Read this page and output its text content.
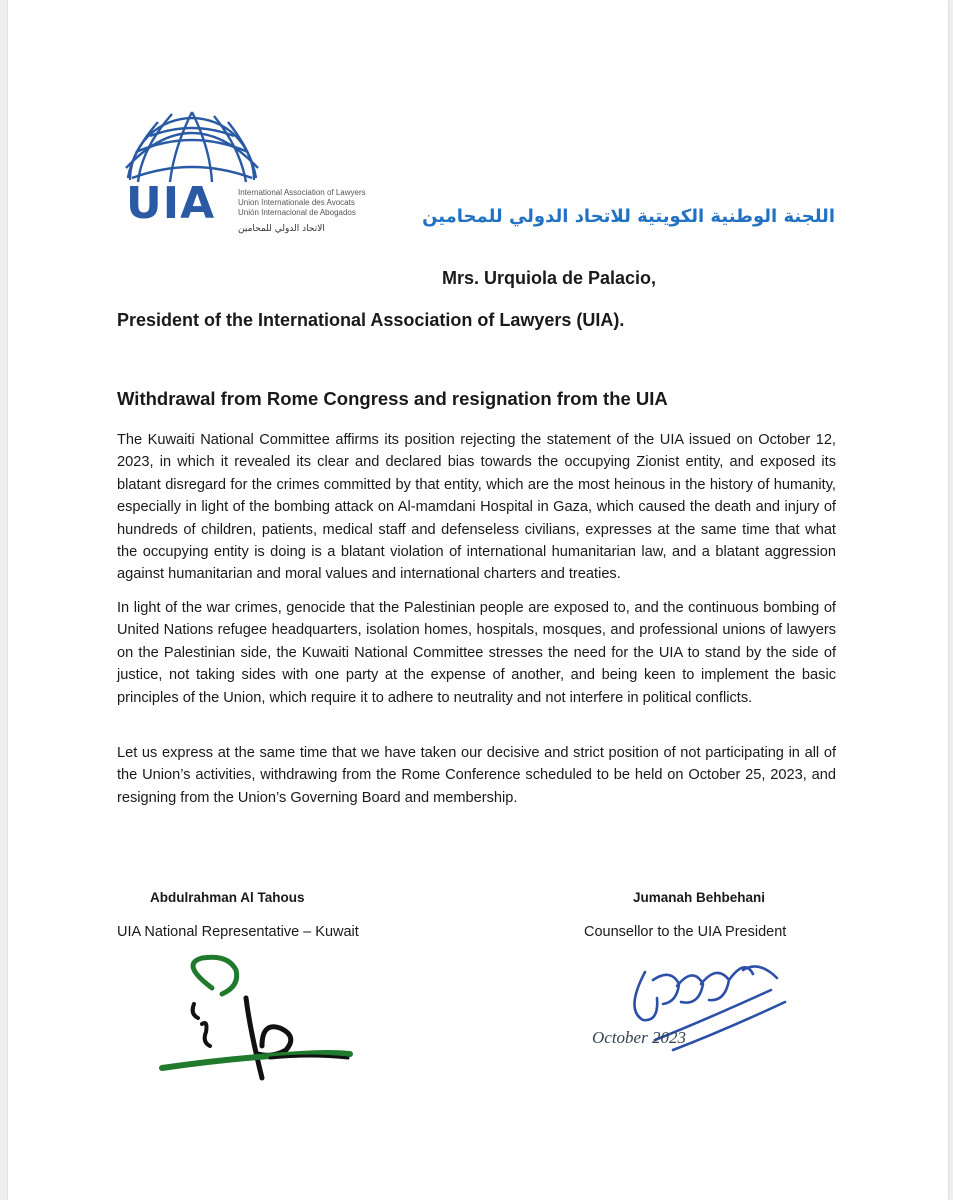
UIA	International Association of Lawyers
Union Internationale des Avocats
Unión Internacional de Abogados
الاتحاد الدولي للمحامين
اللجنة الوطنية الكويتية للاتحاد الدولي للمحامين
Mrs. Urquiola de Palacio,
President of the International Association of Lawyers (UIA).
Withdrawal from Rome Congress and resignation from the UIA
The Kuwaiti National Committee affirms its position rejecting the statement of the UIA issued on October 12, 2023, in which it revealed its clear and declared bias towards the occupying Zionist entity, and exposed its blatant disregard for the crimes committed by that entity, which are the most heinous in the history of humanity, especially in light of the bombing attack on Al-mamdani Hospital in Gaza, which caused the death and injury of hundreds of children, patients, medical staff and defenseless civilians, expresses at the same time that what the occupying entity is doing is a blatant violation of international humanitarian law, and a blatant aggression against humanitarian and moral values and international charters and treaties.
In light of the war crimes, genocide that the Palestinian people are exposed to, and the continuous bombing of United Nations refugee headquarters, isolation homes, hospitals, mosques, and professional unions of lawyers on the Palestinian side, the Kuwaiti National Committee stresses the need for the UIA to stand by the side of justice, not taking sides with one party at the expense of another, and being keen to implement the basic principles of the Union, which require it to adhere to neutrality and not interfere in political conflicts.
Let us express at the same time that we have taken our decisive and strict position of not participating in all of the Union’s activities, withdrawing from the Rome Conference scheduled to be held on October 25, 2023, and resigning from the Union’s Governing Board and membership.
Abdulrahman Al Tahous
UIA National Representative – Kuwait
Jumanah Behbehani
Counsellor to the UIA President
October 2023
